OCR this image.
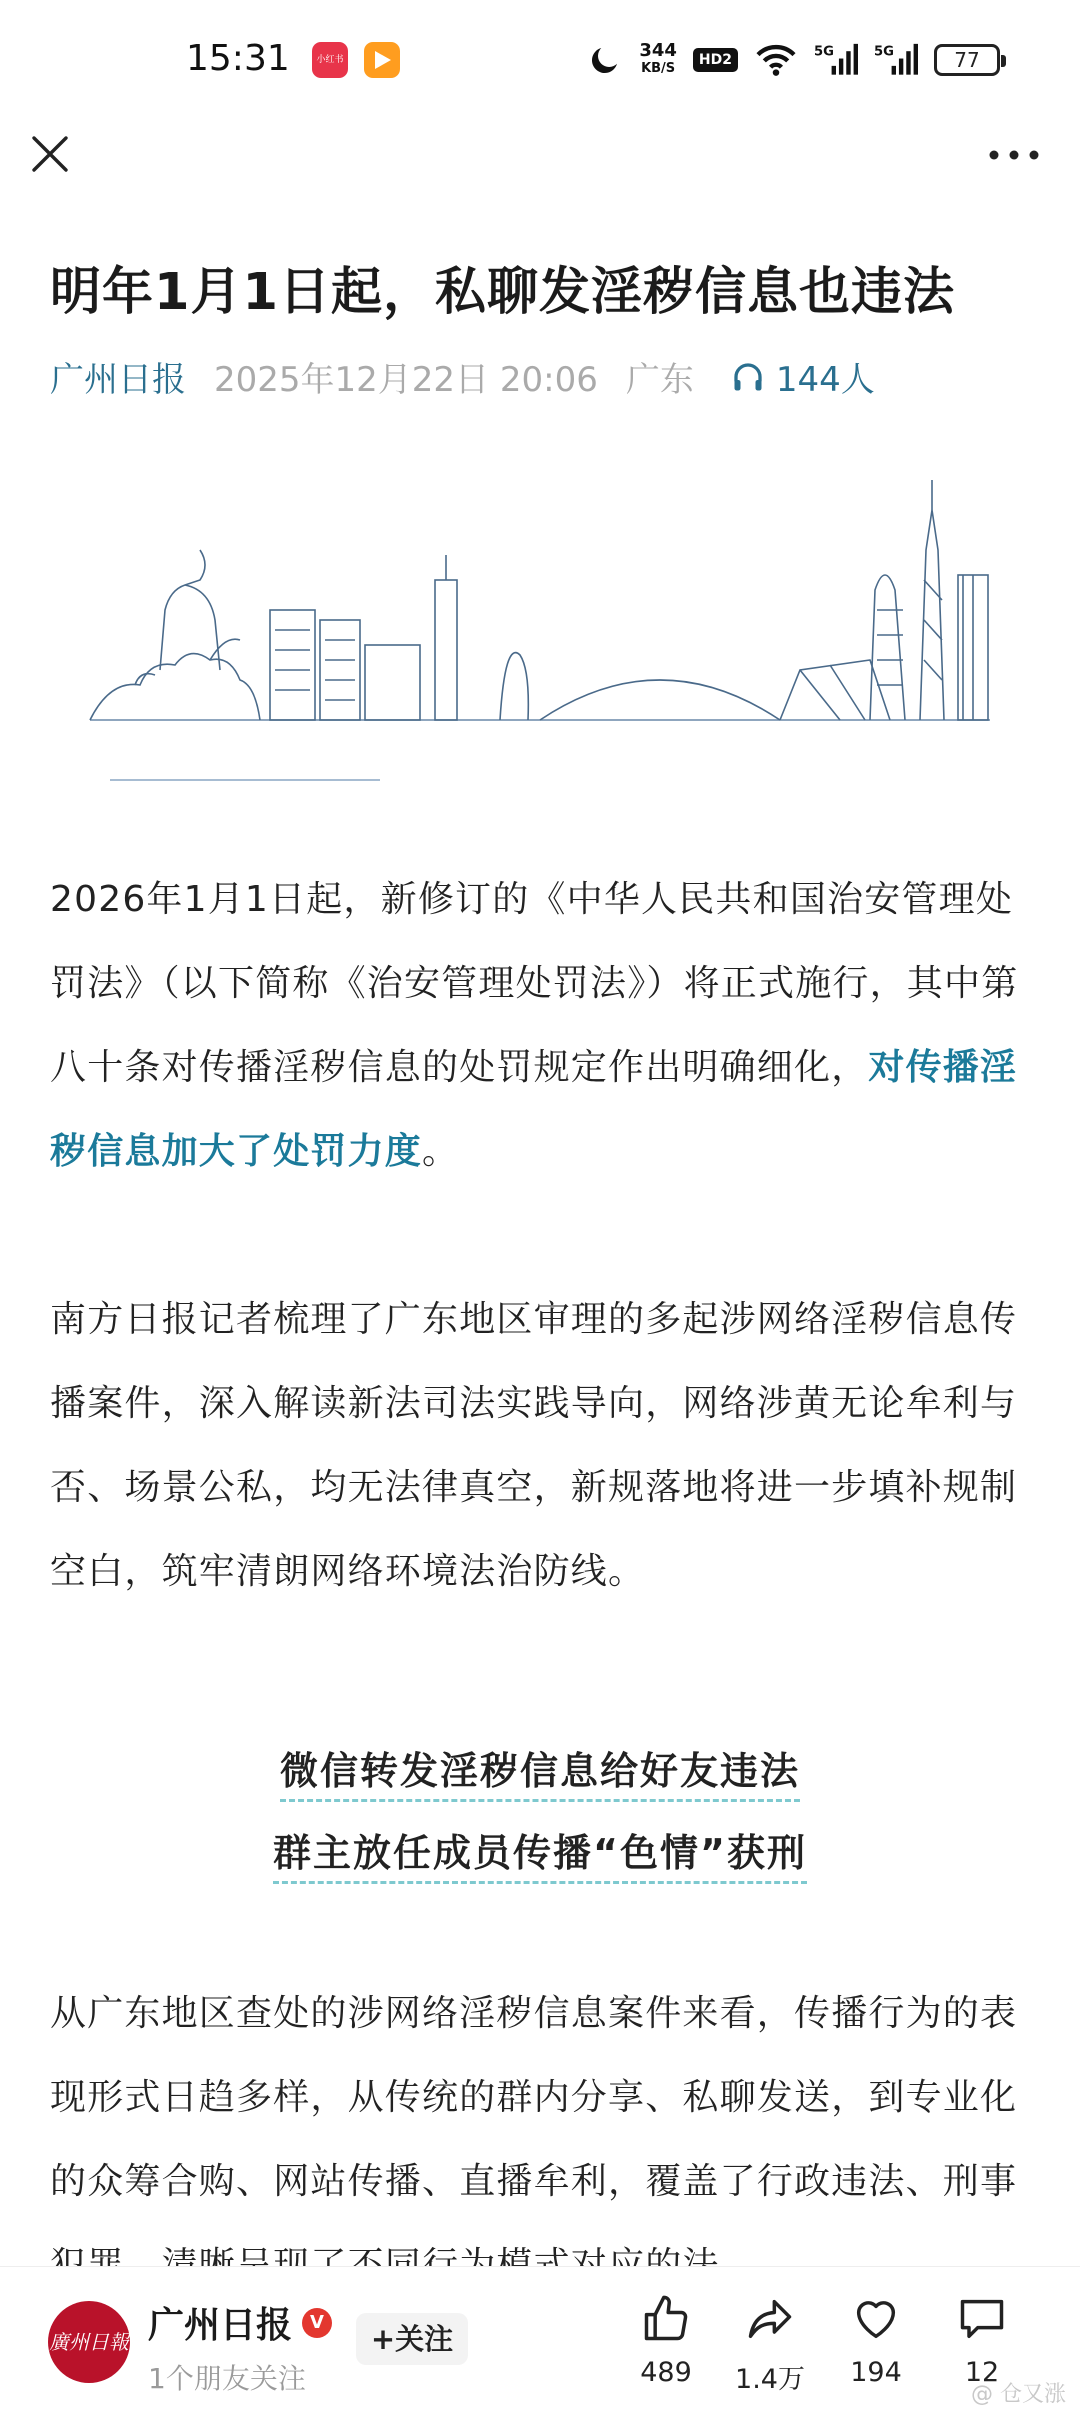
15:31	小红书	344
KB/S
HD2	5G	5G	77
明年1月1日起，私聊发淫秽信息也违法
广州日报 2025年12月22日 20:06 广东 144人
2026年1月1日起，新修订的《中华人民共和国治安管理处罚法》（以下简称《治安管理处罚法》）将正式施行，其中第八十条对传播淫秽信息的处罚规定作出明确细化，对传播淫秽信息加大了处罚力度。
南方日报记者梳理了广东地区审理的多起涉网络淫秽信息传播案件，深入解读新法司法实践导向，网络涉黄无论牟利与否、场景公私，均无法律真空，新规落地将进一步填补规制空白，筑牢清朗网络环境法治防线。
微信转发淫秽信息给好友违法
群主放任成员传播“色情”获刑
从广东地区查处的涉网络淫秽信息案件来看，传播行为的表现形式日趋多样，从传统的群内分享、私聊发送，到专业化的众筹合购、网站传播、直播牟利，覆盖了行政违法、刑事
廣州日報 广州日报	V
1个朋友关注
+关注
489	1.4万	194	12
@ 仓又涨
